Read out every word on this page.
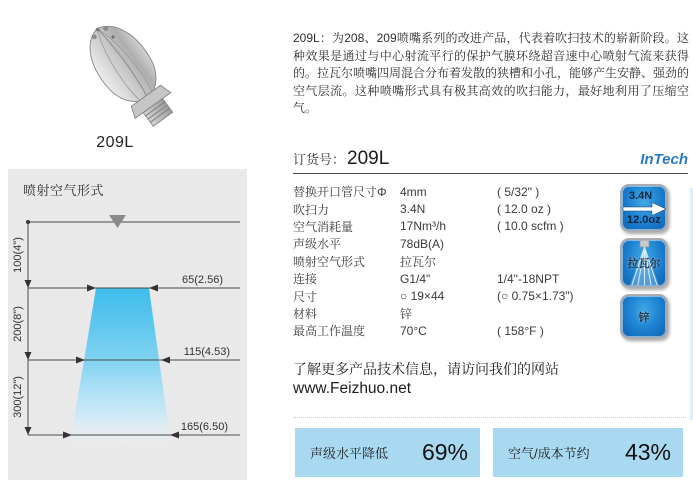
209L
100(4")
200(8")
300(12")
65(2.56)
115(4.53)
165(6.50)
喷射空气形式

209L：为208、209喷嘴系列的改进产品，代表着吹扫技术的崭新阶段。这种效果是通过与中心射流平行的保护气膜环绕超音速中心喷射气流来获得的。拉瓦尔喷嘴四周混合分布着发散的狭槽和小孔，能够产生安静、强劲的空气层流。这种喷嘴形式具有极其高效的吹扫能力，最好地利用了压缩空气。

订货号： 209L	InTech
替换开口管尺寸Φ	4mm	( 5/32" )
吹扫力	3.4N	( 12.0 oz )
空气消耗量	17Nm³/h	( 10.0 scfm )
声级水平	78dB(A)
喷射空气形式	拉瓦尔
连接	G1/4"	1/4"-18NPT
尺寸	○ 19×44	(○ 0.75×1.73")
材料	锌
最高工作温度	70°C	( 158°F )
3.4N
12.0oz
拉瓦尔
锌
了解更多产品技术信息，请访问我们的网站
www.Feizhuo.net
声级水平降低 69%	空气/成本节约 43%
